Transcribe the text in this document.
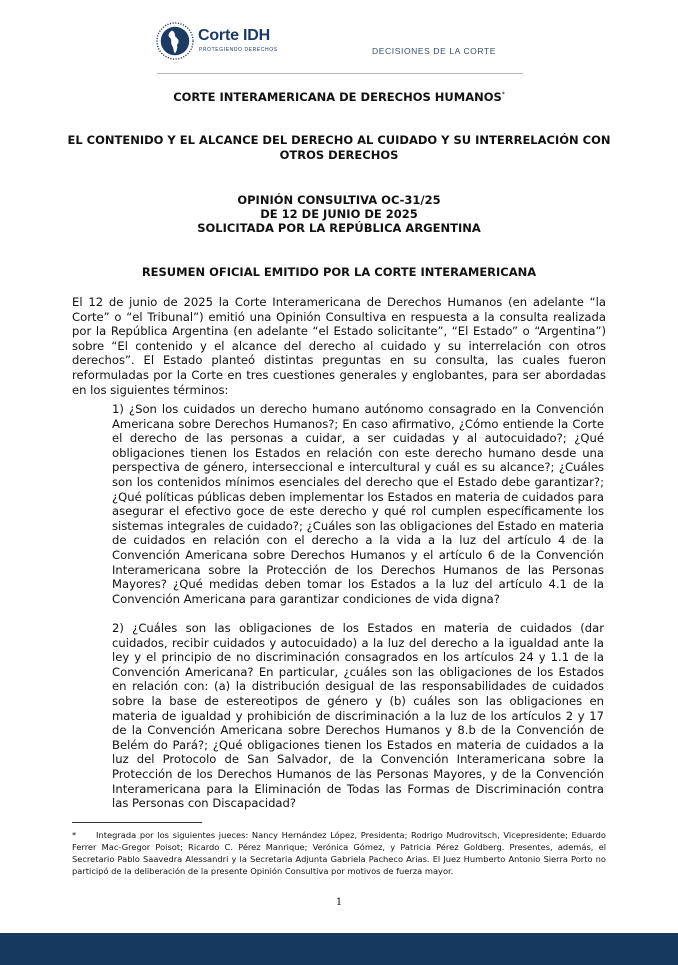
Corte IDH
PROTEGIENDO DERECHOS	DECISIONES DE LA CORTE
CORTE INTERAMERICANA DE DERECHOS HUMANOS*
EL CONTENIDO Y EL ALCANCE DEL DERECHO AL CUIDADO Y SU INTERRELACIÓN CON OTROS DERECHOS
OPINIÓN CONSULTIVA OC-31/25
DE 12 DE JUNIO DE 2025
SOLICITADA POR LA REPÚBLICA ARGENTINA
RESUMEN OFICIAL EMITIDO POR LA CORTE INTERAMERICANA
El 12 de junio de 2025 la Corte Interamericana de Derechos Humanos (en adelante “la Corte” o “el Tribunal”) emitió una Opinión Consultiva en respuesta a la consulta realizada por la República Argentina (en adelante “el Estado solicitante”, “El Estado” o “Argentina”) sobre “El contenido y el alcance del derecho al cuidado y su interrelación con otros derechos”. El Estado planteó distintas preguntas en su consulta, las cuales fueron reformuladas por la Corte en tres cuestiones generales y englobantes, para ser abordadas en los siguientes términos:
1) ¿Son los cuidados un derecho humano autónomo consagrado en la Convención Americana sobre Derechos Humanos?; En caso afirmativo, ¿Cómo entiende la Corte el derecho de las personas a cuidar, a ser cuidadas y al autocuidado?; ¿Qué obligaciones tienen los Estados en relación con este derecho humano desde una perspectiva de género, interseccional e intercultural y cuál es su alcance?; ¿Cuáles son los contenidos mínimos esenciales del derecho que el Estado debe garantizar?; ¿Qué políticas públicas deben implementar los Estados en materia de cuidados para asegurar el efectivo goce de este derecho y qué rol cumplen específicamente los sistemas integrales de cuidado?; ¿Cuáles son las obligaciones del Estado en materia de cuidados en relación con el derecho a la vida a la luz del artículo 4 de la Convención Americana sobre Derechos Humanos y el artículo 6 de la Convención Interamericana sobre la Protección de los Derechos Humanos de las Personas Mayores? ¿Qué medidas deben tomar los Estados a la luz del artículo 4.1 de la Convención Americana para garantizar condiciones de vida digna?
2) ¿Cuáles son las obligaciones de los Estados en materia de cuidados (dar cuidados, recibir cuidados y autocuidado) a la luz del derecho a la igualdad ante la ley y el principio de no discriminación consagrados en los artículos 24 y 1.1 de la Convención Americana? En particular, ¿cuáles son las obligaciones de los Estados en relación con: (a) la distribución desigual de las responsabilidades de cuidados sobre la base de estereotipos de género y (b) cuáles son las obligaciones en materia de igualdad y prohibición de discriminación a la luz de los artículos 2 y 17 de la Convención Americana sobre Derechos Humanos y 8.b de la Convención de Belém do Pará?; ¿Qué obligaciones tienen los Estados en materia de cuidados a la luz del Protocolo de San Salvador, de la Convención Interamericana sobre la Protección de los Derechos Humanos de las Personas Mayores, y de la Convención Interamericana para la Eliminación de Todas las Formas de Discriminación contra las Personas con Discapacidad?
* Integrada por los siguientes jueces: Nancy Hernández López, Presidenta; Rodrigo Mudrovitsch, Vicepresidente; Eduardo Ferrer Mac-Gregor Poisot; Ricardo C. Pérez Manrique; Verónica Gómez, y Patricia Pérez Goldberg. Presentes, además, el Secretario Pablo Saavedra Alessandri y la Secretaria Adjunta Gabriela Pacheco Arias. El Juez Humberto Antonio Sierra Porto no participó de la deliberación de la presente Opinión Consultiva por motivos de fuerza mayor.
1
